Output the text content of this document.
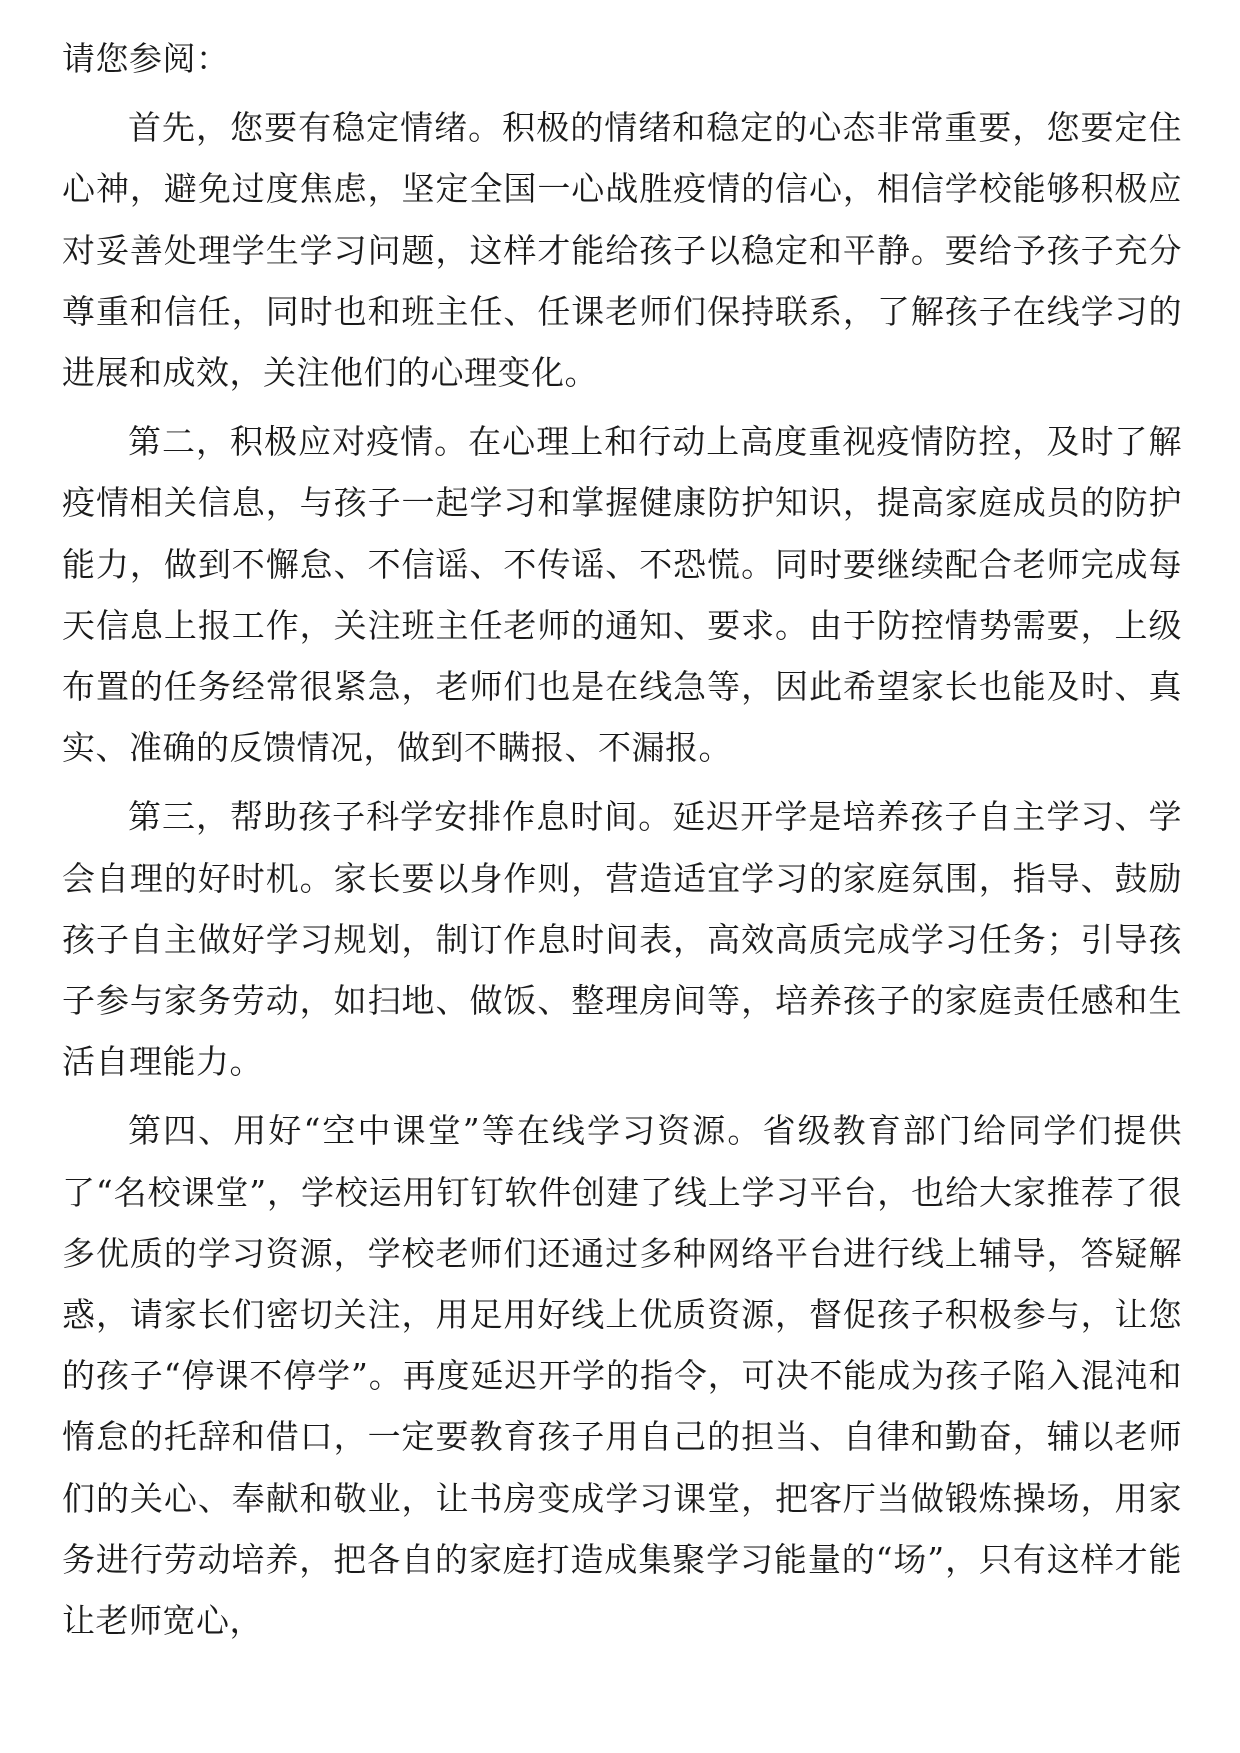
请您参阅：

首先，您要有稳定情绪。积极的情绪和稳定的心态非常重要，您要定住心神，避免过度焦虑，坚定全国一心战胜疫情的信心，相信学校能够积极应对妥善处理学生学习问题，这样才能给孩子以稳定和平静。要给予孩子充分尊重和信任，同时也和班主任、任课老师们保持联系，了解孩子在线学习的进展和成效，关注他们的心理变化。

第二，积极应对疫情。在心理上和行动上高度重视疫情防控，及时了解疫情相关信息，与孩子一起学习和掌握健康防护知识，提高家庭成员的防护能力，做到不懈怠、不信谣、不传谣、不恐慌。同时要继续配合老师完成每天信息上报工作，关注班主任老师的通知、要求。由于防控情势需要，上级布置的任务经常很紧急，老师们也是在线急等，因此希望家长也能及时、真实、准确的反馈情况，做到不瞒报、不漏报。

第三，帮助孩子科学安排作息时间。延迟开学是培养孩子自主学习、学会自理的好时机。家长要以身作则，营造适宜学习的家庭氛围，指导、鼓励孩子自主做好学习规划，制订作息时间表，高效高质完成学习任务；引导孩子参与家务劳动，如扫地、做饭、整理房间等，培养孩子的家庭责任感和生活自理能力。

第四、用好“空中课堂”等在线学习资源。省级教育部门给同学们提供了“名校课堂”，学校运用钉钉软件创建了线上学习平台，也给大家推荐了很多优质的学习资源，学校老师们还通过多种网络平台进行线上辅导，答疑解惑，请家长们密切关注，用足用好线上优质资源，督促孩子积极参与，让您的孩子“停课不停学”。再度延迟开学的指令，可决不能成为孩子陷入混沌和惰怠的托辞和借口，一定要教育孩子用自己的担当、自律和勤奋，辅以老师们的关心、奉献和敬业，让书房变成学习课堂，把客厅当做锻炼操场，用家务进行劳动培养，把各自的家庭打造成集聚学习能量的“场”，只有这样才能让老师宽心，
